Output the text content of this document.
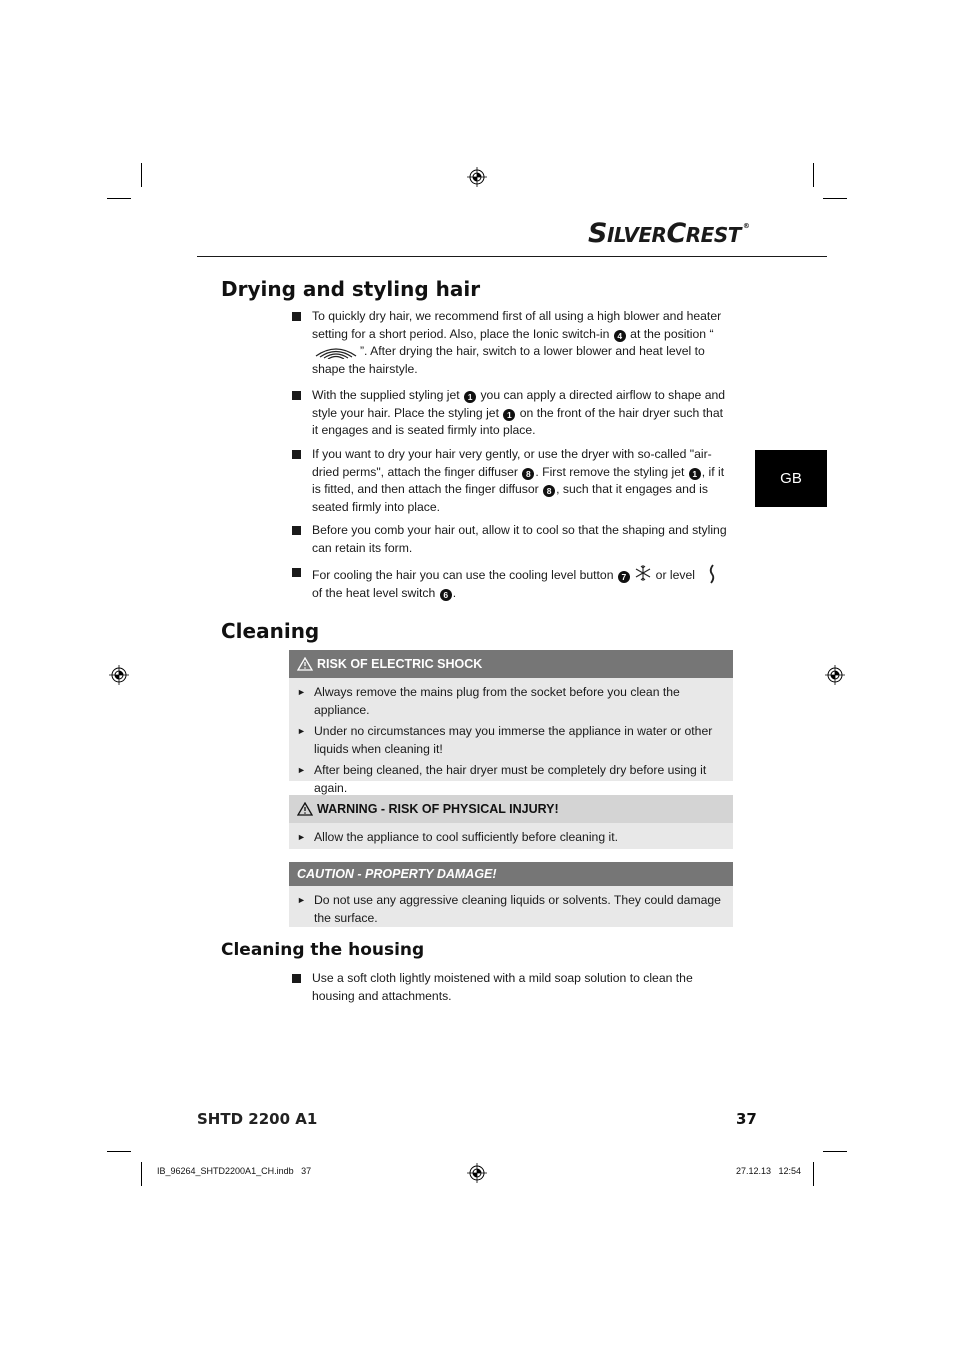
SILVERCREST ®
GB
Drying and styling hair
To quickly dry hair, we recommend first of all using a high blower and heater setting for a short period. Also, place the Ionic switch-in 4 at the position “”. After drying the hair, switch to a lower blower and heat level to shape the hairstyle.
With the supplied styling jet 1 you can apply a directed airflow to shape and style your hair. Place the styling jet 1 on the front of the hair dryer such that it engages and is seated firmly into place.
If you want to dry your hair very gently, or use the dryer with so-called "air-dried perms", attach the finger diffuser 8 . First remove the styling jet 1 , if it is fitted, and then attach the finger diffusor 8 , such that it engages and is seated firmly into place.
Before you comb your hair out, allow it to cool so that the shaping and styling can retain its form.
For cooling the hair you can use the cooling level button 7  or level
of the heat level switch 6 .
Cleaning
RISK OF ELECTRIC SHOCK
► Always remove the mains plug from the socket before you clean the appliance.
► Under no circumstances may you immerse the appliance in water or other liquids when cleaning it!
► After being cleaned, the hair dryer must be completely dry before using it again.
WARNING - RISK OF PHYSICAL INJURY!
► Allow the appliance to cool sufficiently before cleaning it.
CAUTION - PROPERTY DAMAGE!
► Do not use any aggressive cleaning liquids or solvents. They could damage the surface.
Cleaning the housing
Use a soft cloth lightly moistened with a mild soap solution to clean the housing and attachments.
SHTD 2200 A1	37
IB_96264_SHTD2200A1_CH.indb   37	27.12.13   12:54
